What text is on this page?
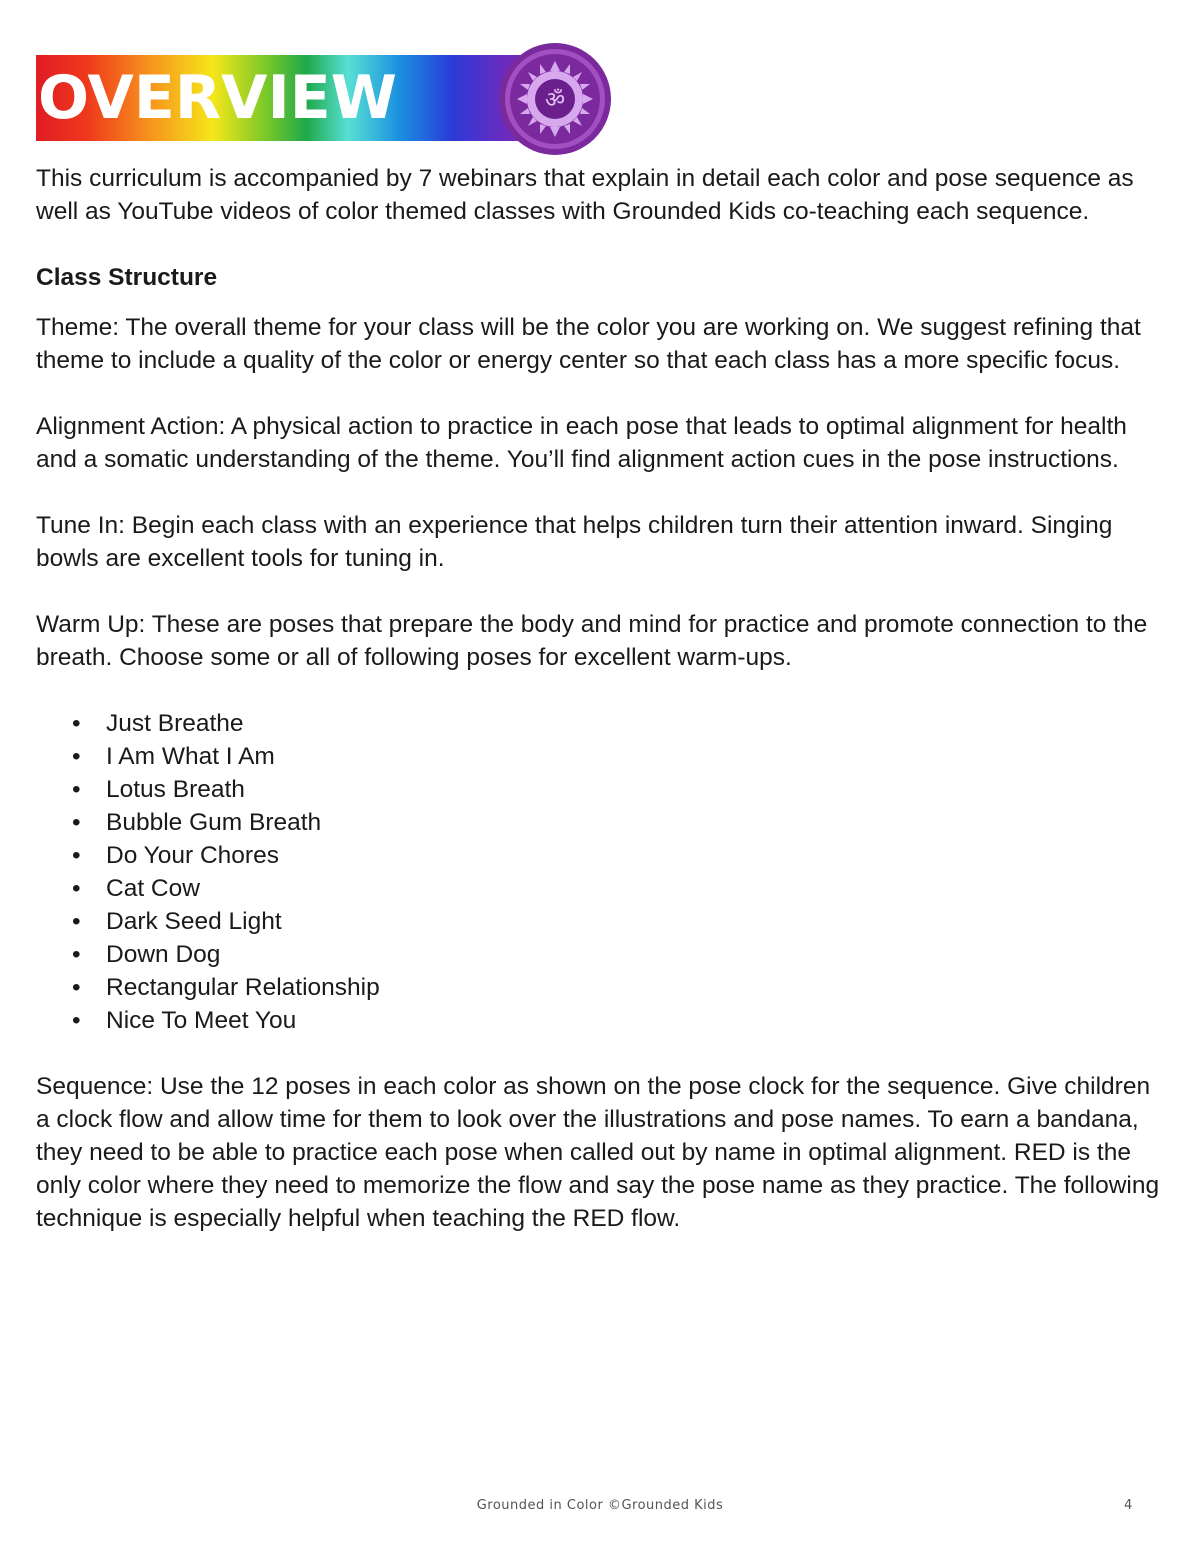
OVERVIEW	ॐ

This curriculum is accompanied by 7 webinars that explain in detail each color and pose sequence as well as YouTube videos of color themed classes with Grounded Kids co-teaching each sequence.

Class Structure

Theme: The overall theme for your class will be the color you are working on. We suggest refining that theme to include a quality of the color or energy center so that each class has a more specific focus.

Alignment Action: A physical action to practice in each pose that leads to optimal alignment for health and a somatic understanding of the theme. You’ll find alignment action cues in the pose instructions.

Tune In: Begin each class with an experience that helps children turn their attention inward. Singing bowls are excellent tools for tuning in.

Warm Up: These are poses that prepare the body and mind for practice and promote connection to the breath. Choose some or all of following poses for excellent warm-ups.

• Just Breathe
• I Am What I Am
• Lotus Breath
• Bubble Gum Breath
• Do Your Chores
• Cat Cow
• Dark Seed Light
• Down Dog
• Rectangular Relationship
• Nice To Meet You

Sequence: Use the 12 poses in each color as shown on the pose clock for the sequence. Give children a clock flow and allow time for them to look over the illustrations and pose names. To earn a bandana, they need to be able to practice each pose when called out by name in optimal alignment. RED is the only color where they need to memorize the flow and say the pose name as they practice. The following technique is especially helpful when teaching the RED flow.

Grounded in Color ©Grounded Kids	4
